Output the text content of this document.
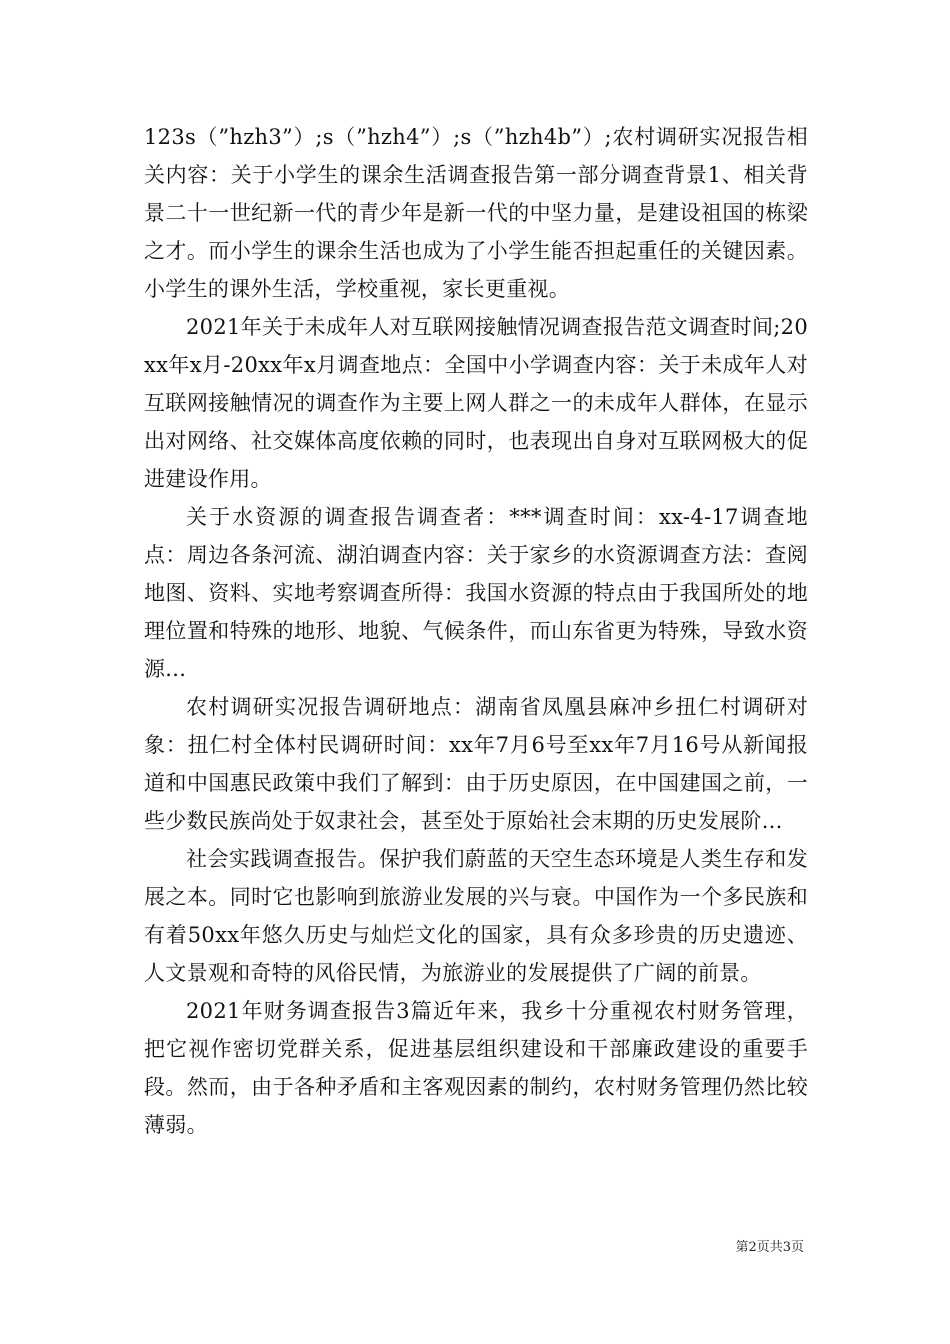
123s（”hzh3”）;s（”hzh4”）;s（”hzh4b”）;农村调研实况报告相关内容：关于小学生的课余生活调查报告第一部分调查背景1、相关背景二十一世纪新一代的青少年是新一代的中坚力量，是建设祖国的栋梁之才。而小学生的课余生活也成为了小学生能否担起重任的关键因素。小学生的课外生活，学校重视，家长更重视。

2021年关于未成年人对互联网接触情况调查报告范文调查时间;20xx年x月-20xx年x月调查地点：全国中小学调查内容：关于未成年人对互联网接触情况的调查作为主要上网人群之一的未成年人群体，在显示出对网络、社交媒体高度依赖的同时，也表现出自身对互联网极大的促进建设作用。

关于水资源的调查报告调查者：***调查时间：xx-4-17调查地点：周边各条河流、湖泊调查内容：关于家乡的水资源调查方法：查阅地图、资料、实地考察调查所得：我国水资源的特点由于我国所处的地理位置和特殊的地形、地貌、气候条件，而山东省更为特殊，导致水资源...

农村调研实况报告调研地点：湖南省凤凰县麻冲乡扭仁村调研对象：扭仁村全体村民调研时间：xx年7月6号至xx年7月16号从新闻报道和中国惠民政策中我们了解到：由于历史原因，在中国建国之前，一些少数民族尚处于奴隶社会，甚至处于原始社会末期的历史发展阶...

社会实践调查报告。保护我们蔚蓝的天空生态环境是人类生存和发展之本。同时它也影响到旅游业发展的兴与衰。中国作为一个多民族和有着50xx年悠久历史与灿烂文化的国家，具有众多珍贵的历史遗迹、人文景观和奇特的风俗民情，为旅游业的发展提供了广阔的前景。

2021年财务调查报告3篇近年来，我乡十分重视农村财务管理，把它视作密切党群关系，促进基层组织建设和干部廉政建设的重要手段。然而，由于各种矛盾和主客观因素的制约，农村财务管理仍然比较薄弱。

第2页共3页
